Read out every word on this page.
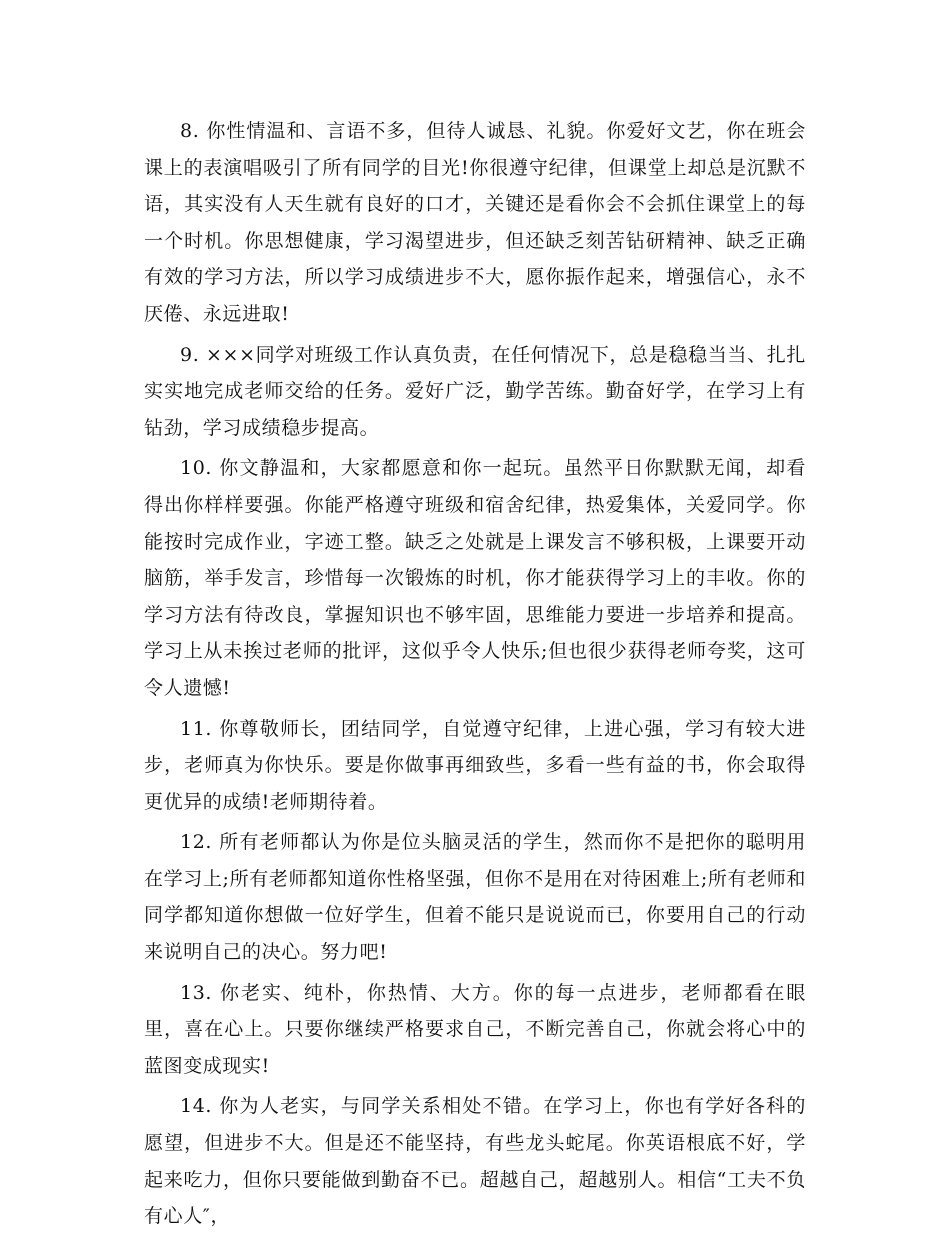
8. 你性情温和、言语不多，但待人诚恳、礼貌。你爱好文艺，你在班会课上的表演唱吸引了所有同学的目光!你很遵守纪律，但课堂上却总是沉默不语，其实没有人天生就有良好的口才，关键还是看你会不会抓住课堂上的每一个时机。你思想健康，学习渴望进步，但还缺乏刻苦钻研精神、缺乏正确有效的学习方法，所以学习成绩进步不大，愿你振作起来，增强信心，永不厌倦、永远进取!

9. ×××同学对班级工作认真负责，在任何情况下，总是稳稳当当、扎扎实实地完成老师交给的任务。爱好广泛，勤学苦练。勤奋好学，在学习上有钻劲，学习成绩稳步提高。

10. 你文静温和，大家都愿意和你一起玩。虽然平日你默默无闻，却看得出你样样要强。你能严格遵守班级和宿舍纪律，热爱集体，关爱同学。你能按时完成作业，字迹工整。缺乏之处就是上课发言不够积极，上课要开动脑筋，举手发言，珍惜每一次锻炼的时机，你才能获得学习上的丰收。你的学习方法有待改良，掌握知识也不够牢固，思维能力要进一步培养和提高。学习上从未挨过老师的批评，这似乎令人快乐;但也很少获得老师夸奖，这可令人遗憾!

11. 你尊敬师长，团结同学，自觉遵守纪律，上进心强，学习有较大进步，老师真为你快乐。要是你做事再细致些，多看一些有益的书，你会取得更优异的成绩!老师期待着。

12. 所有老师都认为你是位头脑灵活的学生，然而你不是把你的聪明用在学习上;所有老师都知道你性格坚强，但你不是用在对待困难上;所有老师和同学都知道你想做一位好学生，但着不能只是说说而已，你要用自己的行动来说明自己的决心。努力吧!

13. 你老实、纯朴，你热情、大方。你的每一点进步，老师都看在眼里，喜在心上。只要你继续严格要求自己，不断完善自己，你就会将心中的蓝图变成现实!

14. 你为人老实，与同学关系相处不错。在学习上，你也有学好各科的愿望，但进步不大。但是还不能坚持，有些龙头蛇尾。你英语根底不好，学起来吃力，但你只要能做到勤奋不已。超越自己，超越别人。相信“工夫不负有心人″，
